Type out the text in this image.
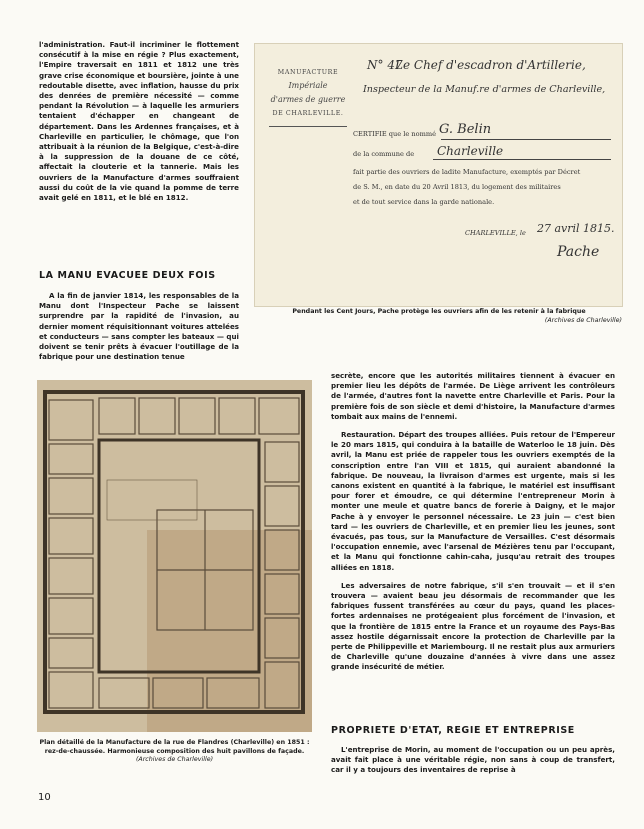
l'administration. Faut-il incriminer le flottement consécutif à la mise en régie ? Plus exactement, l'Empire traversait en 1811 et 1812 une très grave crise économique et boursière, jointe à une redoutable disette, avec inflation, hausse du prix des denrées de première nécessité — comme pendant la Révolution — à laquelle les armuriers tentaient d'échapper en changeant de département. Dans les Ardennes françaises, et à Charleville en particulier, le chômage, que l'on attribuait à la réunion de la Belgique, c'est-à-dire à la suppression de la douane de ce côté, affectait la clouterie et la tannerie. Mais les ouvriers de la Manufacture d'armes souffraient aussi du coût de la vie quand la pomme de terre avait gelé en 1811, et le blé en 1812.

LA MANU EVACUEE DEUX FOIS

A la fin de janvier 1814, les responsables de la Manu dont l'Inspecteur Pache se laissent surprendre par la rapidité de l'invasion, au dernier moment réquisitionnant voitures attelées et conducteurs — sans compter les bateaux — qui doivent se tenir prêts à évacuer l'outillage de la fabrique pour une destination tenue

MANUFACTURE
Impériale
d'armes de guerre
DE CHARLEVILLE.
N° 47
Le Chef d'escadron d'Artillerie,
Inspecteur de la Manuf.re d'armes de Charleville,
CERTIFIE que le nommé G. Belin
de la commune de Charleville
fait partie des ouvriers de ladite Manufacture, exemptés par Décret
de S. M., en date du 20 Avril 1813, du logement des militaires
et de tout service dans la garde nationale.
CHARLEVILLE, le 27 avril 1815.
Pache
Pendant les Cent Jours, Pache protège les ouvriers afin de les retenir à la fabrique
(Archives de Charleville)
Plan détaillé de la Manufacture de la rue de Flandres (Charleville) en 1851 : rez-de-chaussée. Harmonieuse composition des huit pavillons de façade.
(Archives de Charleville)

secrète, encore que les autorités militaires tiennent à évacuer en premier lieu les dépôts de l'armée. De Liège arrivent les contrôleurs de l'armée, d'autres font la navette entre Charleville et Paris. Pour la première fois de son siècle et demi d'histoire, la Manufacture d'armes tombait aux mains de l'ennemi.

Restauration. Départ des troupes alliées. Puis retour de l'Empereur le 20 mars 1815, qui conduira à la bataille de Waterloo le 18 juin. Dès avril, la Manu est priée de rappeler tous les ouvriers exemptés de la conscription entre l'an VIII et 1815, qui auraient abandonné la fabrique. De nouveau, la livraison d'armes est urgente, mais si les canons existent en quantité à la fabrique, le matériel est insuffisant pour forer et émoudre, ce qui détermine l'entrepreneur Morin à monter une meule et quatre bancs de forerie à Daigny, et le major Pache à y envoyer le personnel nécessaire. Le 23 juin — c'est bien tard — les ouvriers de Charleville, et en premier lieu les jeunes, sont évacués, pas tous, sur la Manufacture de Versailles. C'est désormais l'occupation ennemie, avec l'arsenal de Mézières tenu par l'occupant, et la Manu qui fonctionne cahin-caha, jusqu'au retrait des troupes alliées en 1818.

Les adversaires de notre fabrique, s'il s'en trouvait — et il s'en trouvera — avaient beau jeu désormais de recommander que les fabriques fussent transférées au cœur du pays, quand les places-fortes ardennaises ne protégeaient plus forcément de l'invasion, et que la frontière de 1815 entre la France et un royaume des Pays-Bas assez hostile dégarnissait encore la protection de Charleville par la perte de Philippeville et Mariembourg. Il ne restait plus aux armuriers de Charleville qu'une douzaine d'années à vivre dans une assez grande insécurité de métier.

PROPRIETE D'ETAT, REGIE ET ENTREPRISE

L'entreprise de Morin, au moment de l'occupation ou un peu après, avait fait place à une véritable régie, non sans à coup de transfert, car il y a toujours des inventaires de reprise à

10
